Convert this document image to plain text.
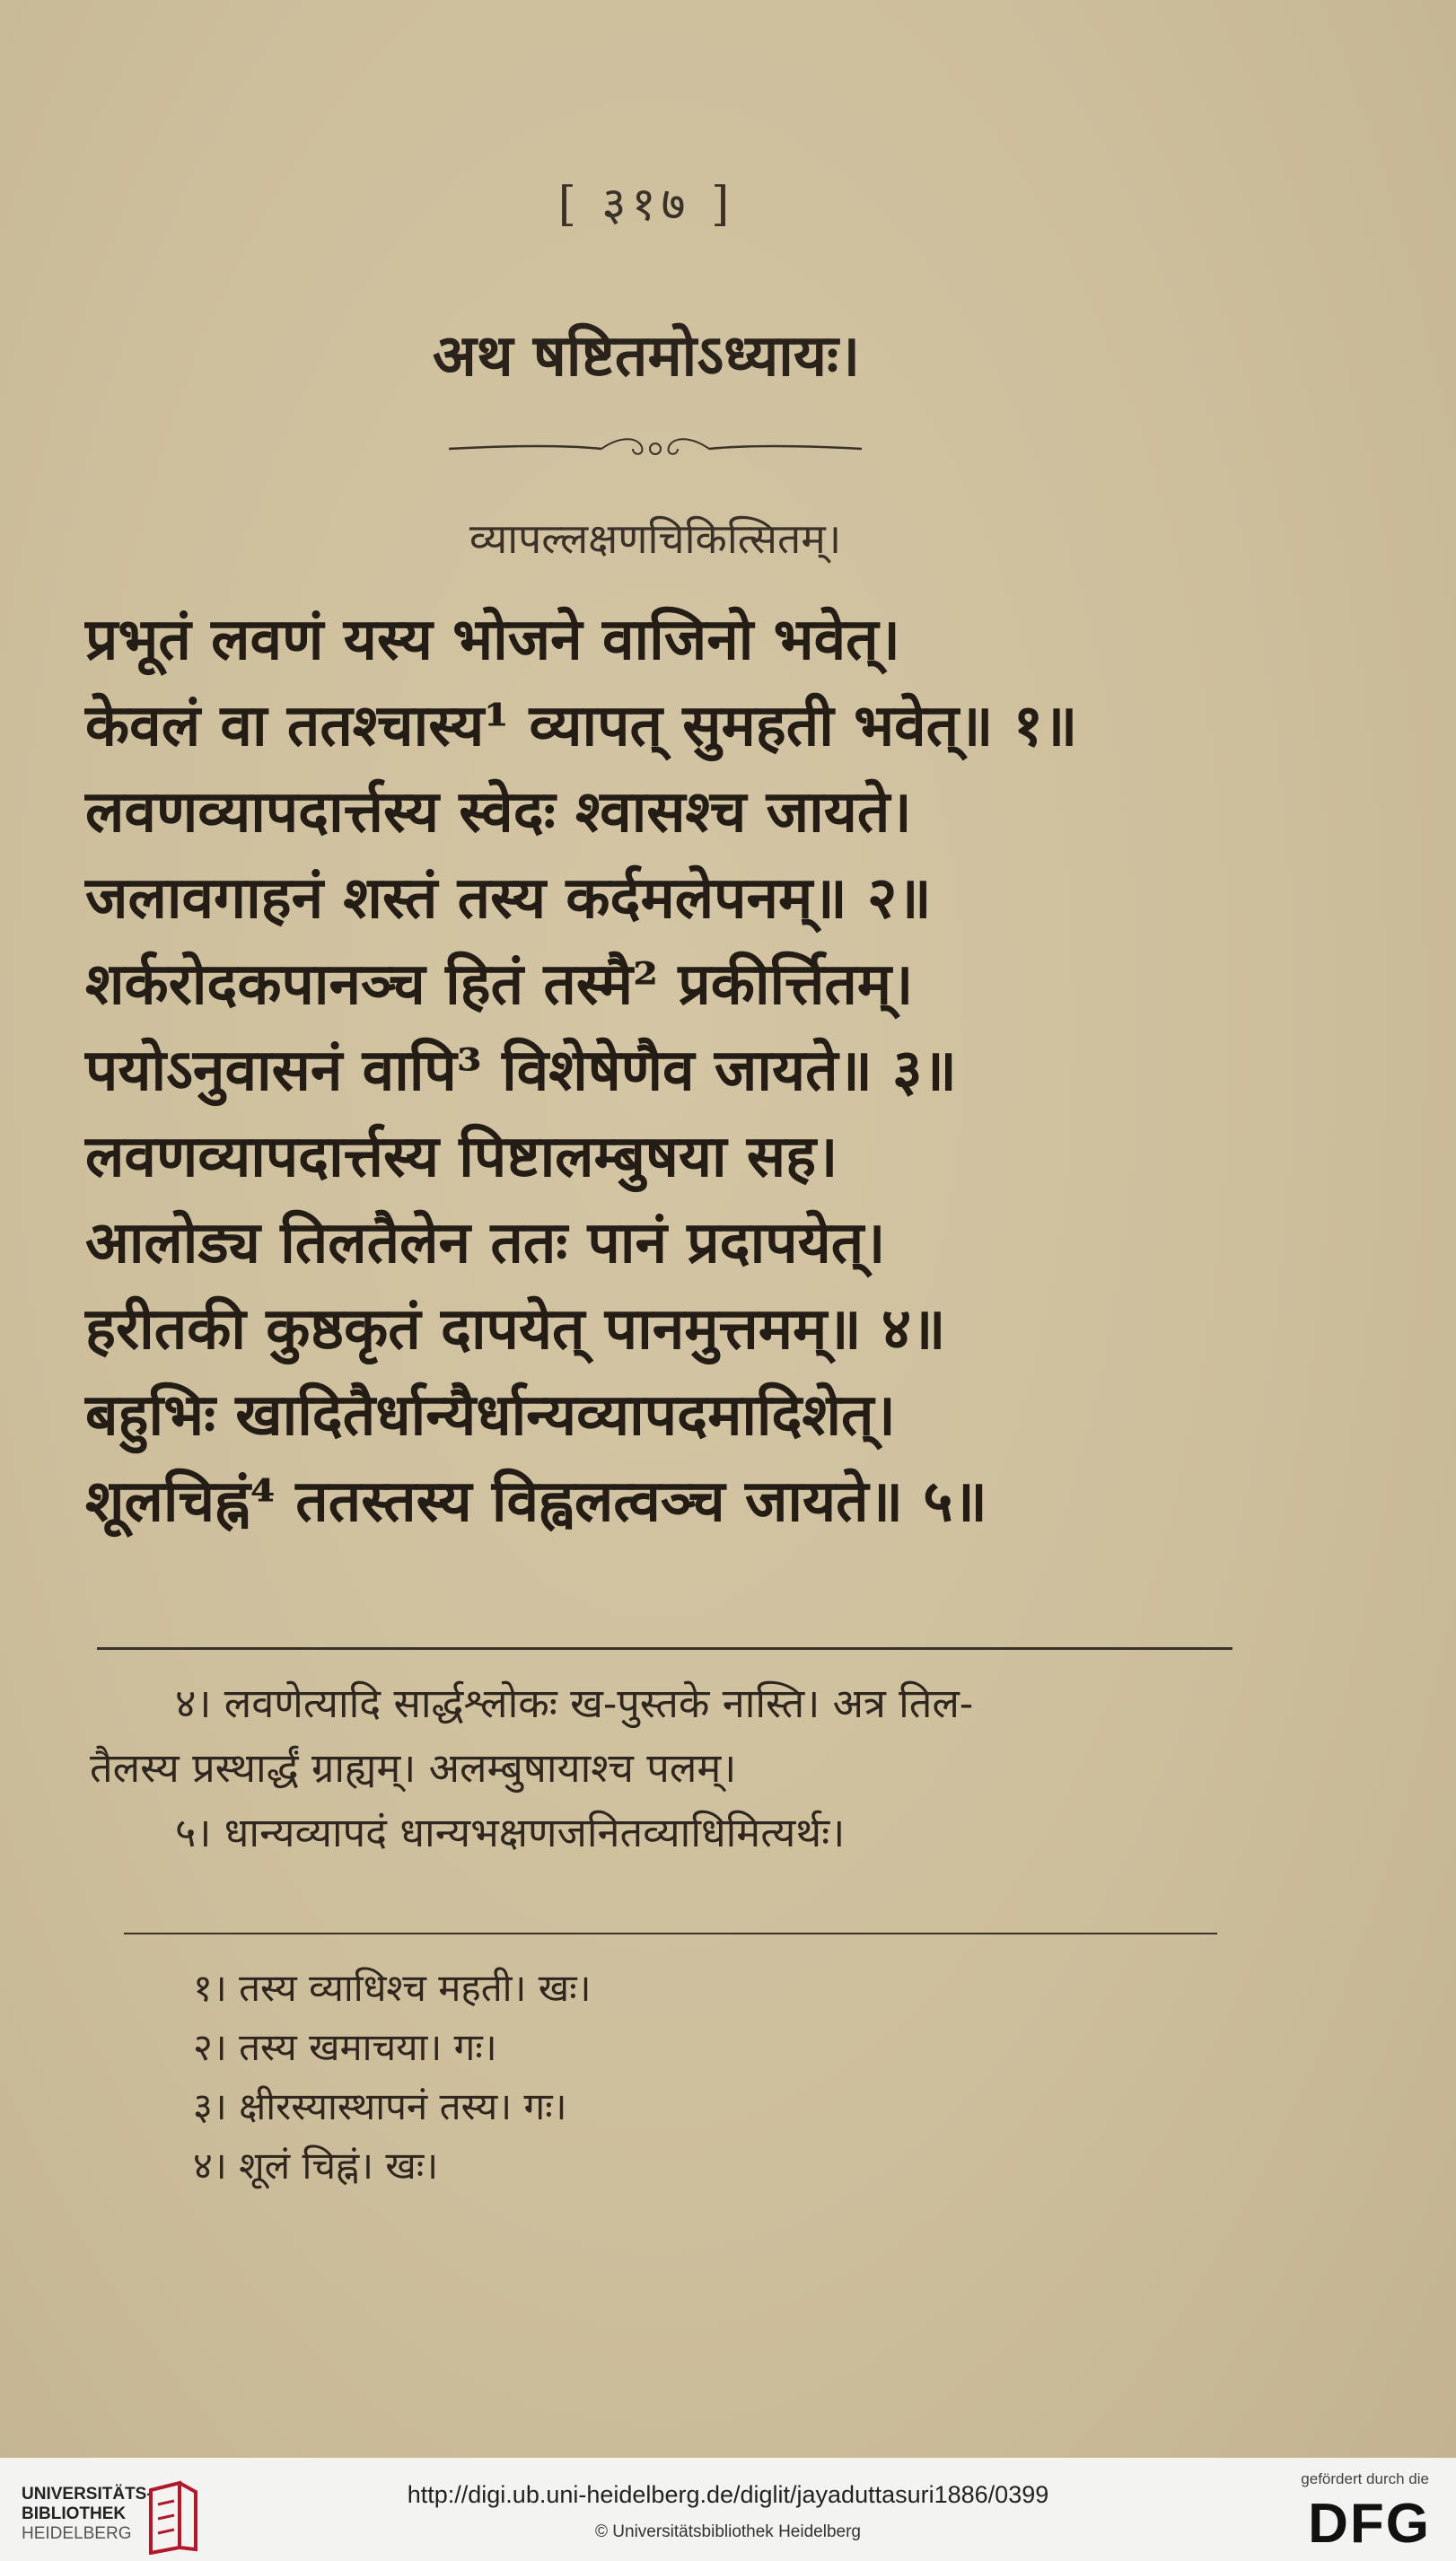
[ ३१७ ]
अथ षष्टितमोऽध्यायः।
व्यापल्लक्षणचिकित्सितम्।
प्रभूतं लवणं यस्य भोजने वाजिनो भवेत्।
केवलं वा ततश्चास्य¹ व्यापत् सुमहती भवेत्॥ १॥
लवणव्यापदार्त्तस्य स्वेदः श्वासश्च जायते।
जलावगाहनं शस्तं तस्य कर्दमलेपनम्॥ २॥
शर्करोदकपानञ्च हितं तस्मै² प्रकीर्त्तितम्।
पयोऽनुवासनं वापि³ विशेषेणैव जायते॥ ३॥
लवणव्यापदार्त्तस्य पिष्टालम्बुषया सह।
आलोड्य तिलतैलेन ततः पानं प्रदापयेत्।
हरीतकी कुष्ठकृतं दापयेत् पानमुत्तमम्॥ ४॥
बहुभिः खादितैर्धान्यैर्धान्यव्यापदमादिशेत्।
शूलचिह्नं⁴ ततस्तस्य विह्वलत्वञ्च जायते॥ ५॥
४। लवणेत्यादि सार्द्धश्लोकः ख-पुस्तके नास्ति। अत्र तिल-
तैलस्य प्रस्थार्द्धं ग्राह्यम्। अलम्बुषायाश्च पलम्।
५। धान्यव्यापदं धान्यभक्षणजनितव्याधिमित्यर्थः।
१। तस्य व्याधिश्च महती। खः।
२। तस्य खमाचया। गः।
३। क्षीरस्यास्थापनं तस्य। गः।
४। शूलं चिह्नं। खः।
UNIVERSITÄTS-
BIBLIOTHEK
HEIDELBERG
http://digi.ub.uni-heidelberg.de/diglit/jayaduttasuri1886/0399
© Universitätsbibliothek Heidelberg
gefördert durch die
DFG
